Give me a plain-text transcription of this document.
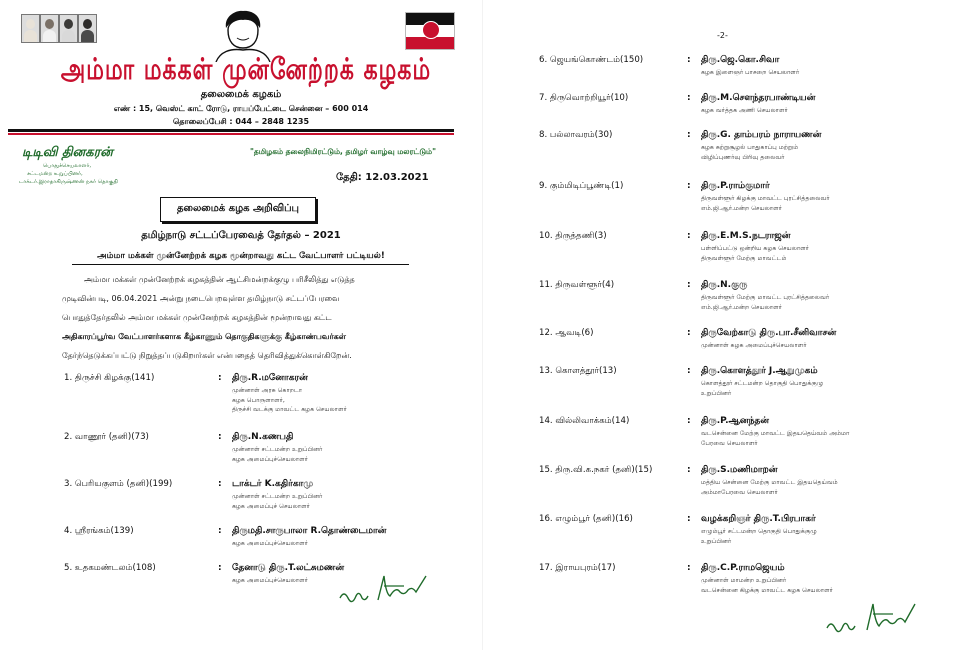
அம்மா மக்கள் முன்னேற்றக் கழகம்
தலைமைக் கழகம்
எண் : 15, வெஸ்ட் காட் ரோடு, ராயப்பேட்டை சென்னை – 600 014
தொலைப்பேசி : 044 – 2848 1235
டிடிவி தினகரன்
பொதுச்செயலாளர்,
சட்டமன்ற உறுப்பினர்,
டாக்டர்.இராதாகிருஷ்ணன் நகர் தொகுதி
"தமிழகம் தலைநிமிரட்டும், தமிழர் வாழ்வு மலரட்டும்"
தேதி: 12.03.2021
தலைமைக் கழக அறிவிப்பு
தமிழ்நாடு சட்டப்பேரவைத் தேர்தல் – 2021
அம்மா மக்கள் முன்னேற்றக் கழக மூன்றாவது கட்ட வேட்பாளர் பட்டியல்!
அம்மா மக்கள் முன்னேற்றக் கழகத்தின் ஆட்சிமன்றக்குழு பரிசீலித்து எடுத்த
முடிவின்படி, 06.04.2021 அன்று நடைபெறவுள்ள தமிழ்நாடு சட்டப்பேரவை
பொதுத்தேர்தலில் அம்மா மக்கள் முன்னேற்றக் கழகத்தின் மூன்றாவது கட்ட
அதிகாரப்பூர்வ வேட்பாளர்களாக கீழ்காணும் தொகுதிகளுக்கு கீழ்காண்பவர்கள்
தேர்ந்தெடுக்கப்பட்டு நிறுத்தப்படுகிறார்கள் என்பதைத் தெரிவித்துக்கொள்கிறேன்.
1. திருச்சி கிழக்கு(141)	: திரு.R.மனோகரன்
முன்னாள் அரசு கொறடா
கழக பொருளாளர்,
திருச்சி வடக்கு மாவட்ட கழக செயலாளர்
2. வாணூர் (தனி)(73)	: திரு.N.கணபதி
முன்னாள் சட்டமன்ற உறுப்பினர்
கழக அமைப்புச்செயலாளர்
3. பெரியகுளம் (தனி)(199)	: டாக்டர் K.கதிர்காமு
முன்னாள் சட்டமன்ற உறுப்பினர்
கழக அமைப்புச் செயலாளர்
4. ஸ்ரீரங்கம்(139)	: திருமதி.சாருபாலா R.தொண்டைமான்
கழக அமைப்புச்செயலாளர்
5. உதகமண்டலம்(108)	: தேனாடு திரு.T.லட்சுமணன்
கழக அமைப்புச்செயலாளர்
-2-
6. ஜெயங்கொண்டம்(150)	: திரு.ஜெ.கொ.சிவா
கழக இளைஞர் பாசறை செயலாளர்
7. திருவொற்றியூர்(10)	: திரு.M.சௌந்தரபாண்டியன்
கழக வர்த்தக அணி செயலாளர்
8. பல்லாவரம்(30)	: திரு.G. தாம்பரம் நாராயணன்
கழக சுற்றுசூழல் பாதுகாப்பு மற்றும்
விழிப்புணர்வு பிரிவு தலைவர்
9. கும்மிடிப்பூண்டி(1)	: திரு.P.ராம்குமார்
திருவள்ளூர் கிழக்கு மாவட்ட புரட்சித்தலைவர்
எம்.ஜி.ஆர்.மன்ற செயலாளர்
10. திருத்தணி(3)	: திரு.E.M.S.நடராஜன்
பள்ளிப்பட்டு ஒன்றிய கழக செயலாளர்
திருவள்ளூர் மேற்கு மாவட்டம்
11. திருவள்ளூர்(4)	: திரு.N.குரு
திருவள்ளூர் மேற்கு மாவட்ட புரட்சித்தலைவர்
எம்.ஜி.ஆர்.மன்ற செயலாளர்
12. ஆவடி(6)	: திருவேற்காடு திரு.பா.சீனிவாசன்
முன்னாள் கழக அமைப்புச்செயலாளர்
13. கொளத்தூர்(13)	: திரு.கொளத்தூர் J.ஆறுமுகம்
கொளத்தூர் சட்டமன்ற தொகுதி பொதுக்குழு
உறுப்பினர்
14. வில்லிவாக்கம்(14)	: திரு.P.ஆனந்தன்
வடசென்னை மேற்கு மாவட்ட இதயதெய்வம் அம்மா
பேரவை செயலாளர்
15. திரு.வி.க.நகர் (தனி)(15)	: திரு.S.மணிமாறன்
மத்திய சென்னை மேற்கு மாவட்ட இதயதெய்வம்
அம்மாபேரவை செயலாளர்
16. எழும்பூர் (தனி)(16)	: வழக்கறிஞர் திரு.T.பிரபாகர்
எழும்பூர் சட்டமன்ற தொகுதி பொதுக்குழு
உறுப்பினர்
17. இராயபுரம்(17)	: திரு.C.P.ராமஜெயம்
முன்னாள் மாமன்ற உறுப்பினர்
வடசென்னை கிழக்கு மாவட்ட கழக செயலாளர்
